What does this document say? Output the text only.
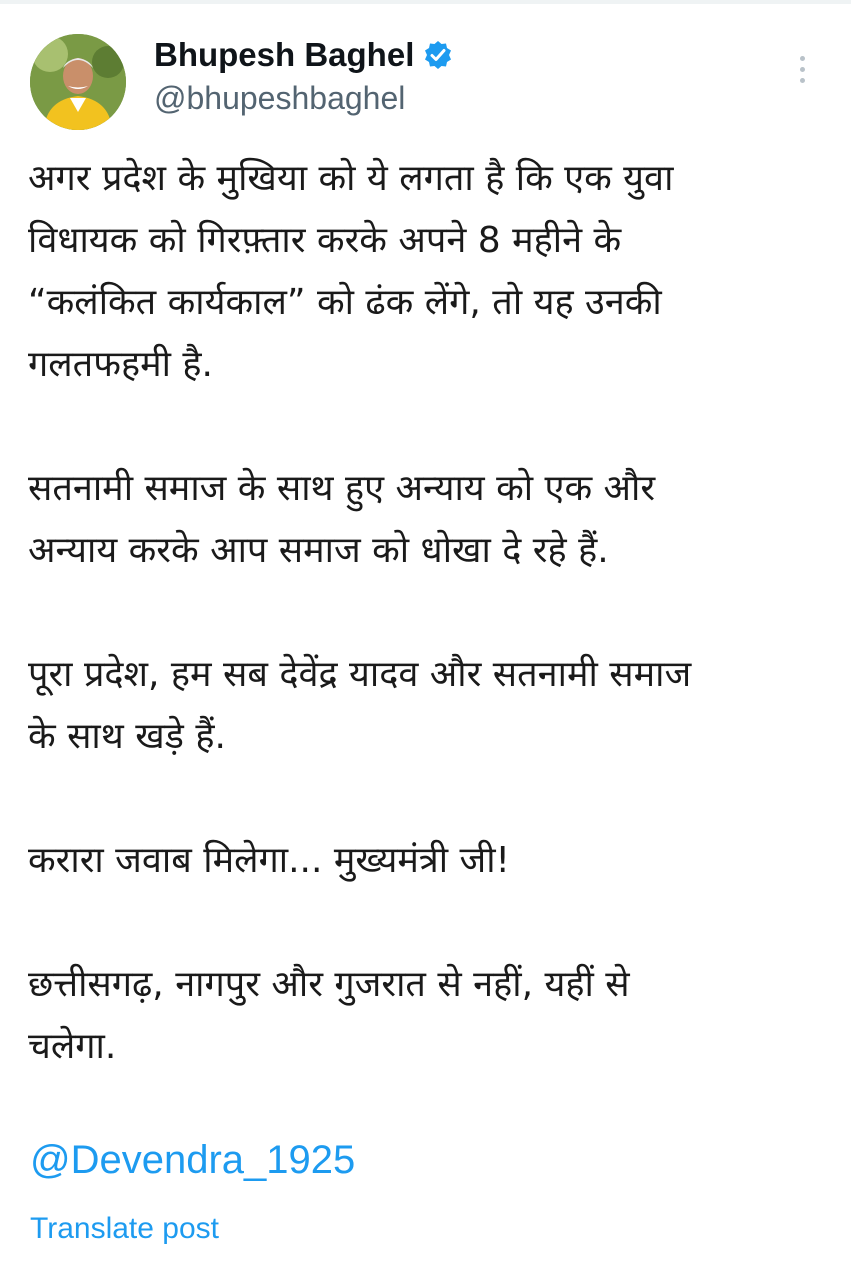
Bhupesh Baghel
@bhupeshbaghel

अगर प्रदेश के मुखिया को ये लगता है कि एक युवा
विधायक को गिरफ़्तार करके अपने 8 महीने के
“कलंकित कार्यकाल” को ढंक लेंगे, तो यह उनकी
गलतफहमी है.

सतनामी समाज के साथ हुए अन्याय को एक और
अन्याय करके आप समाज को धोखा दे रहे हैं.

पूरा प्रदेश, हम सब देवेंद्र यादव और सतनामी समाज
के साथ खड़े हैं.

करारा जवाब मिलेगा... मुख्यमंत्री जी!

छत्तीसगढ़, नागपुर और गुजरात से नहीं, यहीं से
चलेगा.

@Devendra_1925
Translate post
